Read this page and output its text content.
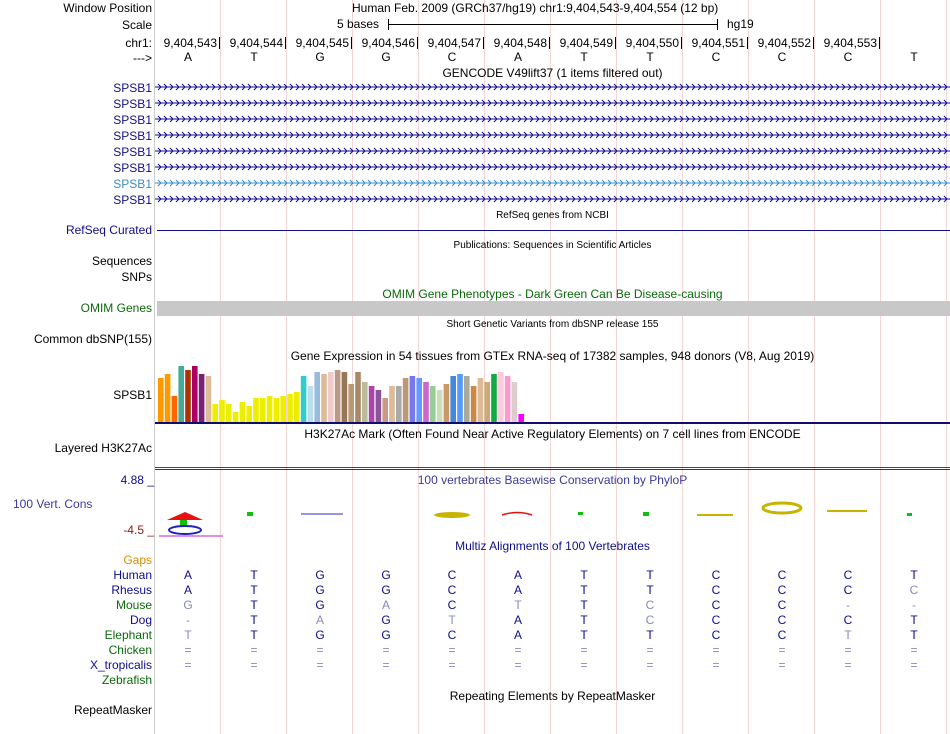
Window Position	Human Feb. 2009 (GRCh37/hg19) chr1:9,404,543-9,404,554 (12 bp)
Scale	5 bases	hg19
chr1: 9,404,543	9,404,544	9,404,545	9,404,546	9,404,547	9,404,548	9,404,549	9,404,550	9,404,551	9,404,552	9,404,553
--->	A	T	G	G	C	A	T	T	C	C	C	T
GENCODE V49lift37 (1 items filtered out)
SPSB1
SPSB1
SPSB1
SPSB1
SPSB1
SPSB1
SPSB1
SPSB1
RefSeq genes from NCBI
RefSeq Curated
Publications: Sequences in Scientific Articles
Sequences
SNPs
OMIM Gene Phenotypes - Dark Green Can Be Disease-causing
OMIM Genes
Short Genetic Variants from dbSNP release 155
Common dbSNP(155)
Gene Expression in 54 tissues from GTEx RNA-seq of 17382 samples, 948 donors (V8, Aug 2019)
SPSB1
H3K27Ac Mark (Often Found Near Active Regulatory Elements) on 7 cell lines from ENCODE
Layered H3K27Ac
4.88 _	100 vertebrates Basewise Conservation by PhyloP
100 Vert. Cons
-4.5 _
Multiz Alignments of 100 Vertebrates
Gaps
Human	A	T	G	G	C	A	T	T	C	C	C	T
Rhesus	A	T	G	G	C	A	T	T	C	C	C	C
Mouse	G	T	G	A	C	T	T	C	C	C	-	-
Dog	-	T	A	G	T	A	T	C	C	C	C	T
Elephant	T	T	G	G	C	A	T	T	C	C	T	T
Chicken	=	=	=	=	=	=	=	=	=	=	=	=
X_tropicalis	=	=	=	=	=	=	=	=	=	=	=	=
Zebrafish
Repeating Elements by RepeatMasker
RepeatMasker
